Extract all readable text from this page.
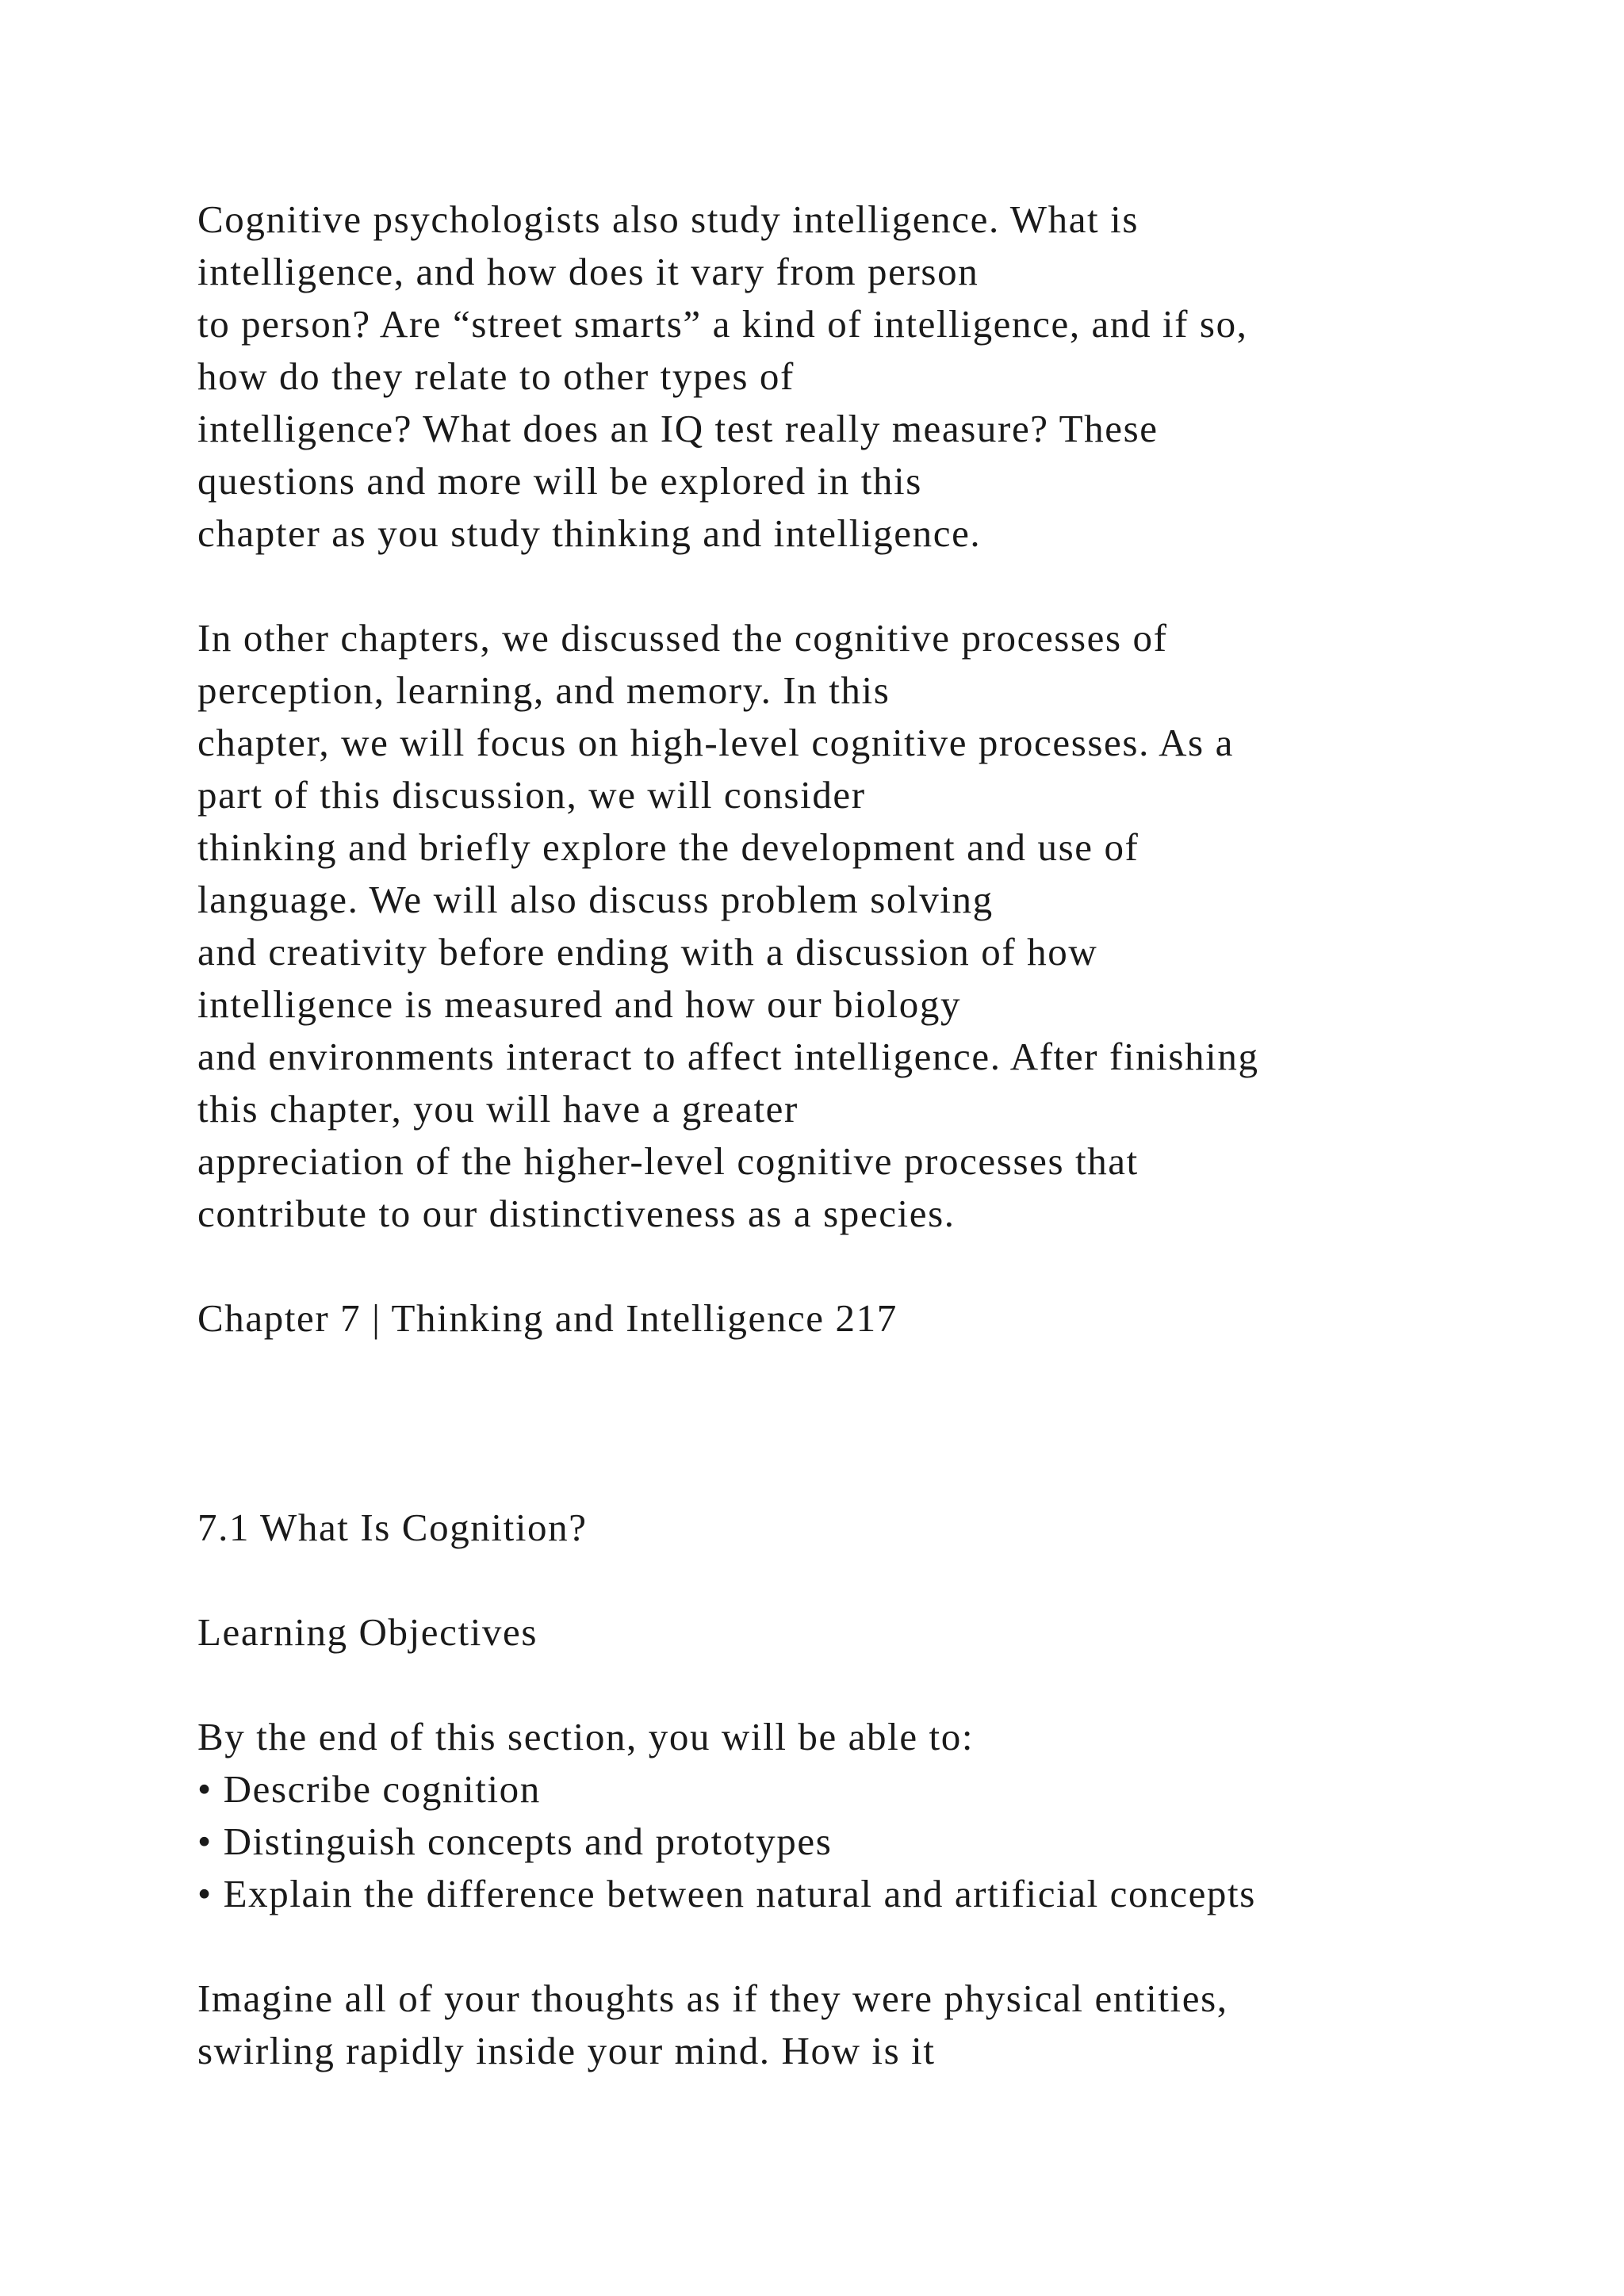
Cognitive psychologists also study intelligence. What is
intelligence, and how does it vary from person
to person? Are “street smarts” a kind of intelligence, and if so,
how do they relate to other types of
intelligence? What does an IQ test really measure? These
questions and more will be explored in this
chapter as you study thinking and intelligence.
In other chapters, we discussed the cognitive processes of
perception, learning, and memory. In this
chapter, we will focus on high-level cognitive processes. As a
part of this discussion, we will consider
thinking and briefly explore the development and use of
language. We will also discuss problem solving
and creativity before ending with a discussion of how
intelligence is measured and how our biology
and environments interact to affect intelligence. After finishing
this chapter, you will have a greater
appreciation of the higher-level cognitive processes that
contribute to our distinctiveness as a species.
Chapter 7 | Thinking and Intelligence 217
7.1 What Is Cognition?
Learning Objectives
By the end of this section, you will be able to:
• Describe cognition
• Distinguish concepts and prototypes
• Explain the difference between natural and artificial concepts
Imagine all of your thoughts as if they were physical entities,
swirling rapidly inside your mind. How is it
